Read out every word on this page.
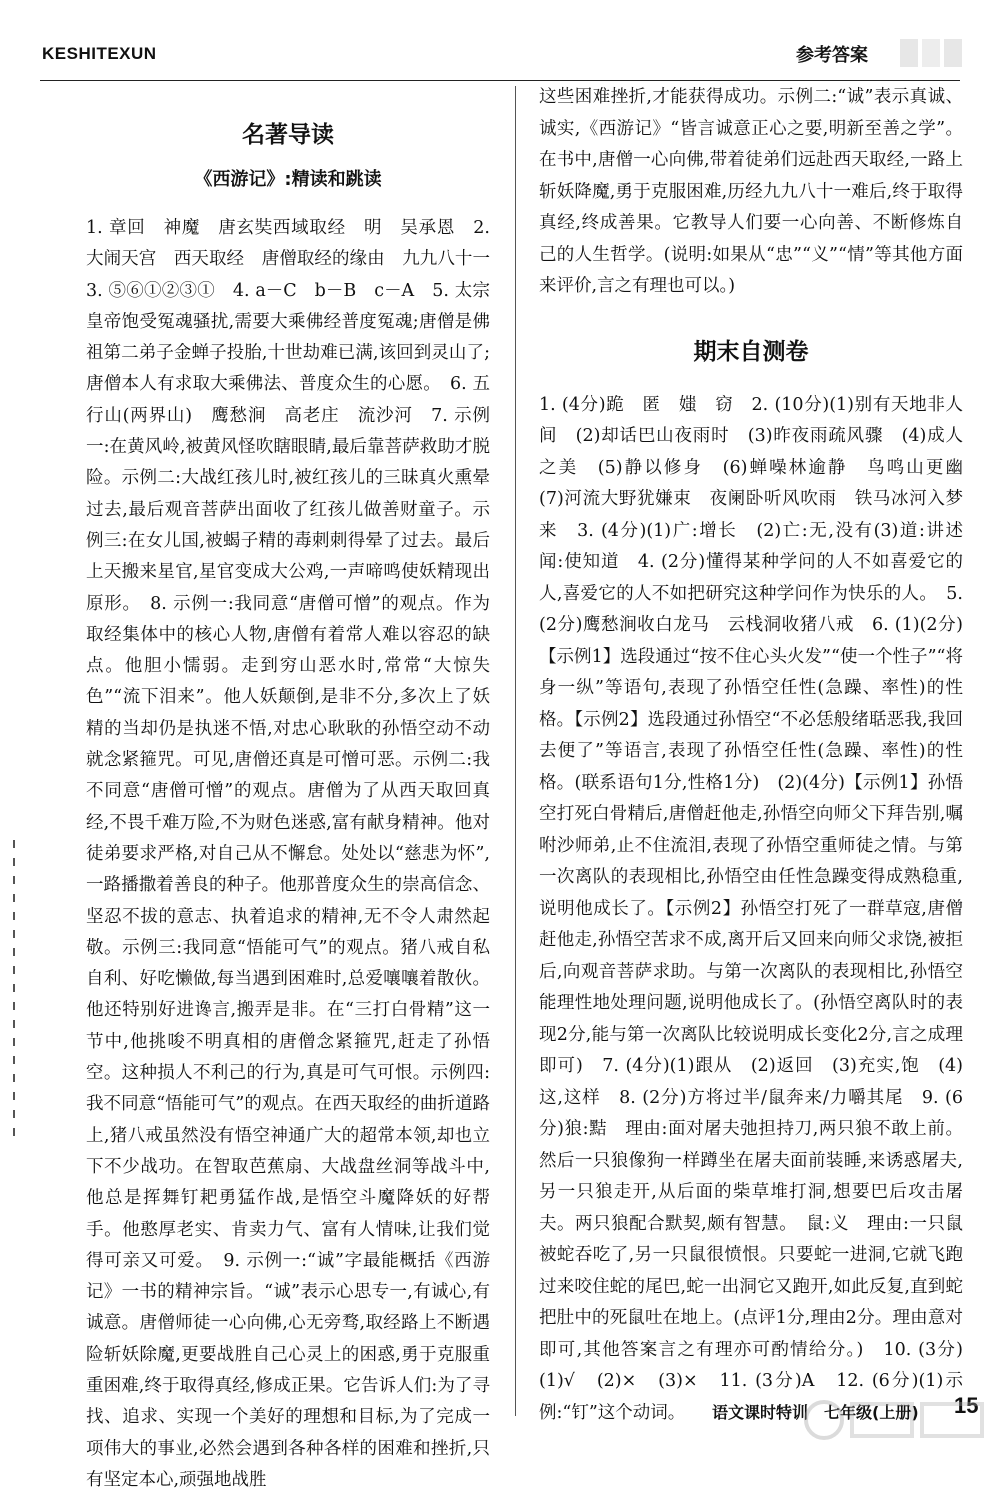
KESHITEXUN	参考答案
名著导读
《西游记》:精读和跳读

1. 章回　神魔　唐玄奘西域取经　明　吴承恩　2. 大闹天宫　西天取经　唐僧取经的缘由　九九八十一　3. ⑤⑥①②③①　4. a－C　b－B　c－A　5. 太宗皇帝饱受冤魂骚扰,需要大乘佛经普度冤魂;唐僧是佛祖第二弟子金蝉子投胎,十世劫难已满,该回到灵山了;唐僧本人有求取大乘佛法、普度众生的心愿。　6. 五行山(两界山)　鹰愁涧　高老庄　流沙河　7. 示例一:在黄风岭,被黄风怪吹瞎眼睛,最后靠菩萨救助才脱险。示例二:大战红孩儿时,被红孩儿的三昧真火熏晕过去,最后观音菩萨出面收了红孩儿做善财童子。示例三:在女儿国,被蝎子精的毒刺刺得晕了过去。最后上天搬来星官,星官变成大公鸡,一声啼鸣使妖精现出原形。　8. 示例一:我同意“唐僧可憎”的观点。作为取经集体中的核心人物,唐僧有着常人难以容忍的缺点。他胆小懦弱。走到穷山恶水时,常常“大惊失色”“流下泪来”。他人妖颠倒,是非不分,多次上了妖精的当却仍是执迷不悟,对忠心耿耿的孙悟空动不动就念紧箍咒。可见,唐僧还真是可憎可恶。示例二:我不同意“唐僧可憎”的观点。唐僧为了从西天取回真经,不畏千难万险,不为财色迷惑,富有献身精神。他对徒弟要求严格,对自己从不懈怠。处处以“慈悲为怀”,一路播撒着善良的种子。他那普度众生的崇高信念、坚忍不拔的意志、执着追求的精神,无不令人肃然起敬。示例三:我同意“悟能可气”的观点。猪八戒自私自利、好吃懒做,每当遇到困难时,总爱嚷嚷着散伙。他还特别好进谗言,搬弄是非。在“三打白骨精”这一节中,他挑唆不明真相的唐僧念紧箍咒,赶走了孙悟空。这种损人不利己的行为,真是可气可恨。示例四:我不同意“悟能可气”的观点。在西天取经的曲折道路上,猪八戒虽然没有悟空神通广大的超常本领,却也立下不少战功。在智取芭蕉扇、大战盘丝洞等战斗中,他总是挥舞钉耙勇猛作战,是悟空斗魔降妖的好帮手。他憨厚老实、肯卖力气、富有人情味,让我们觉得可亲又可爱。　9. 示例一:“诚”字最能概括《西游记》一书的精神宗旨。“诚”表示心思专一,有诚心,有诚意。唐僧师徒一心向佛,心无旁骛,取经路上不断遇险斩妖除魔,更要战胜自己心灵上的困惑,勇于克服重重困难,终于取得真经,修成正果。它告诉人们:为了寻找、追求、实现一个美好的理想和目标,为了完成一项伟大的事业,必然会遇到各种各样的困难和挫折,只有坚定本心,顽强地战胜

这些困难挫折,才能获得成功。示例二:“诚”表示真诚、诚实,《西游记》“皆言诚意正心之要,明新至善之学”。在书中,唐僧一心向佛,带着徒弟们远赴西天取经,一路上斩妖降魔,勇于克服困难,历经九九八十一难后,终于取得真经,终成善果。它教导人们要一心向善、不断修炼自己的人生哲学。(说明:如果从“忠”“义”“情”等其他方面来评价,言之有理也可以。)

期末自测卷

1. (4分)跪　匿　媸　窃　2. (10分)(1)别有天地非人间　(2)却话巴山夜雨时　(3)昨夜雨疏风骤　(4)成人之美　(5)静以修身　(6)蝉噪林逾静　鸟鸣山更幽　(7)河流大野犹嫌束　夜阑卧听风吹雨　铁马冰河入梦来　3. (4分)(1)广:增长　(2)亡:无,没有(3)道:讲述　闻:使知道　4. (2分)懂得某种学问的人不如喜爱它的人,喜爱它的人不如把研究这种学问作为快乐的人。　5. (2分)鹰愁涧收白龙马　云栈洞收猪八戒　6. (1)(2分)【示例1】选段通过“按不住心头火发”“使一个性子”“将身一纵”等语句,表现了孙悟空任性(急躁、率性)的性格。【示例2】选段通过孙悟空“不必恁般绪聒恶我,我回去便了”等语言,表现了孙悟空任性(急躁、率性)的性格。(联系语句1分,性格1分)　(2)(4分)【示例1】孙悟空打死白骨精后,唐僧赶他走,孙悟空向师父下拜告别,嘱咐沙师弟,止不住流泪,表现了孙悟空重师徒之情。与第一次离队的表现相比,孙悟空由任性急躁变得成熟稳重,说明他成长了。【示例2】孙悟空打死了一群草寇,唐僧赶他走,孙悟空苦求不成,离开后又回来向师父求饶,被拒后,向观音菩萨求助。与第一次离队的表现相比,孙悟空能理性地处理问题,说明他成长了。(孙悟空离队时的表现2分,能与第一次离队比较说明成长变化2分,言之成理即可)　7. (4分)(1)跟从　(2)返回　(3)充实,饱　(4)这,这样　8. (2分)方将过半/鼠奔来/力嚼其尾　9. (6分)狼:黠　理由:面对屠夫弛担持刀,两只狼不敢上前。然后一只狼像狗一样蹲坐在屠夫面前装睡,来诱惑屠夫,另一只狼走开,从后面的柴草堆打洞,想要巴后攻击屠夫。两只狼配合默契,颇有智慧。　鼠:义　理由:一只鼠被蛇吞吃了,另一只鼠很愤恨。只要蛇一进洞,它就飞跑过来咬住蛇的尾巴,蛇一出洞它又跑开,如此反复,直到蛇把肚中的死鼠吐在地上。(点评1分,理由2分。理由意对即可,其他答案言之有理亦可酌情给分。)　10. (3分)(1)√　(2)×　(3)×　11. (3分)A　12. (6分)(1)示例:“钉”这个动词。	语文课时特训　七年级(上册) 15
